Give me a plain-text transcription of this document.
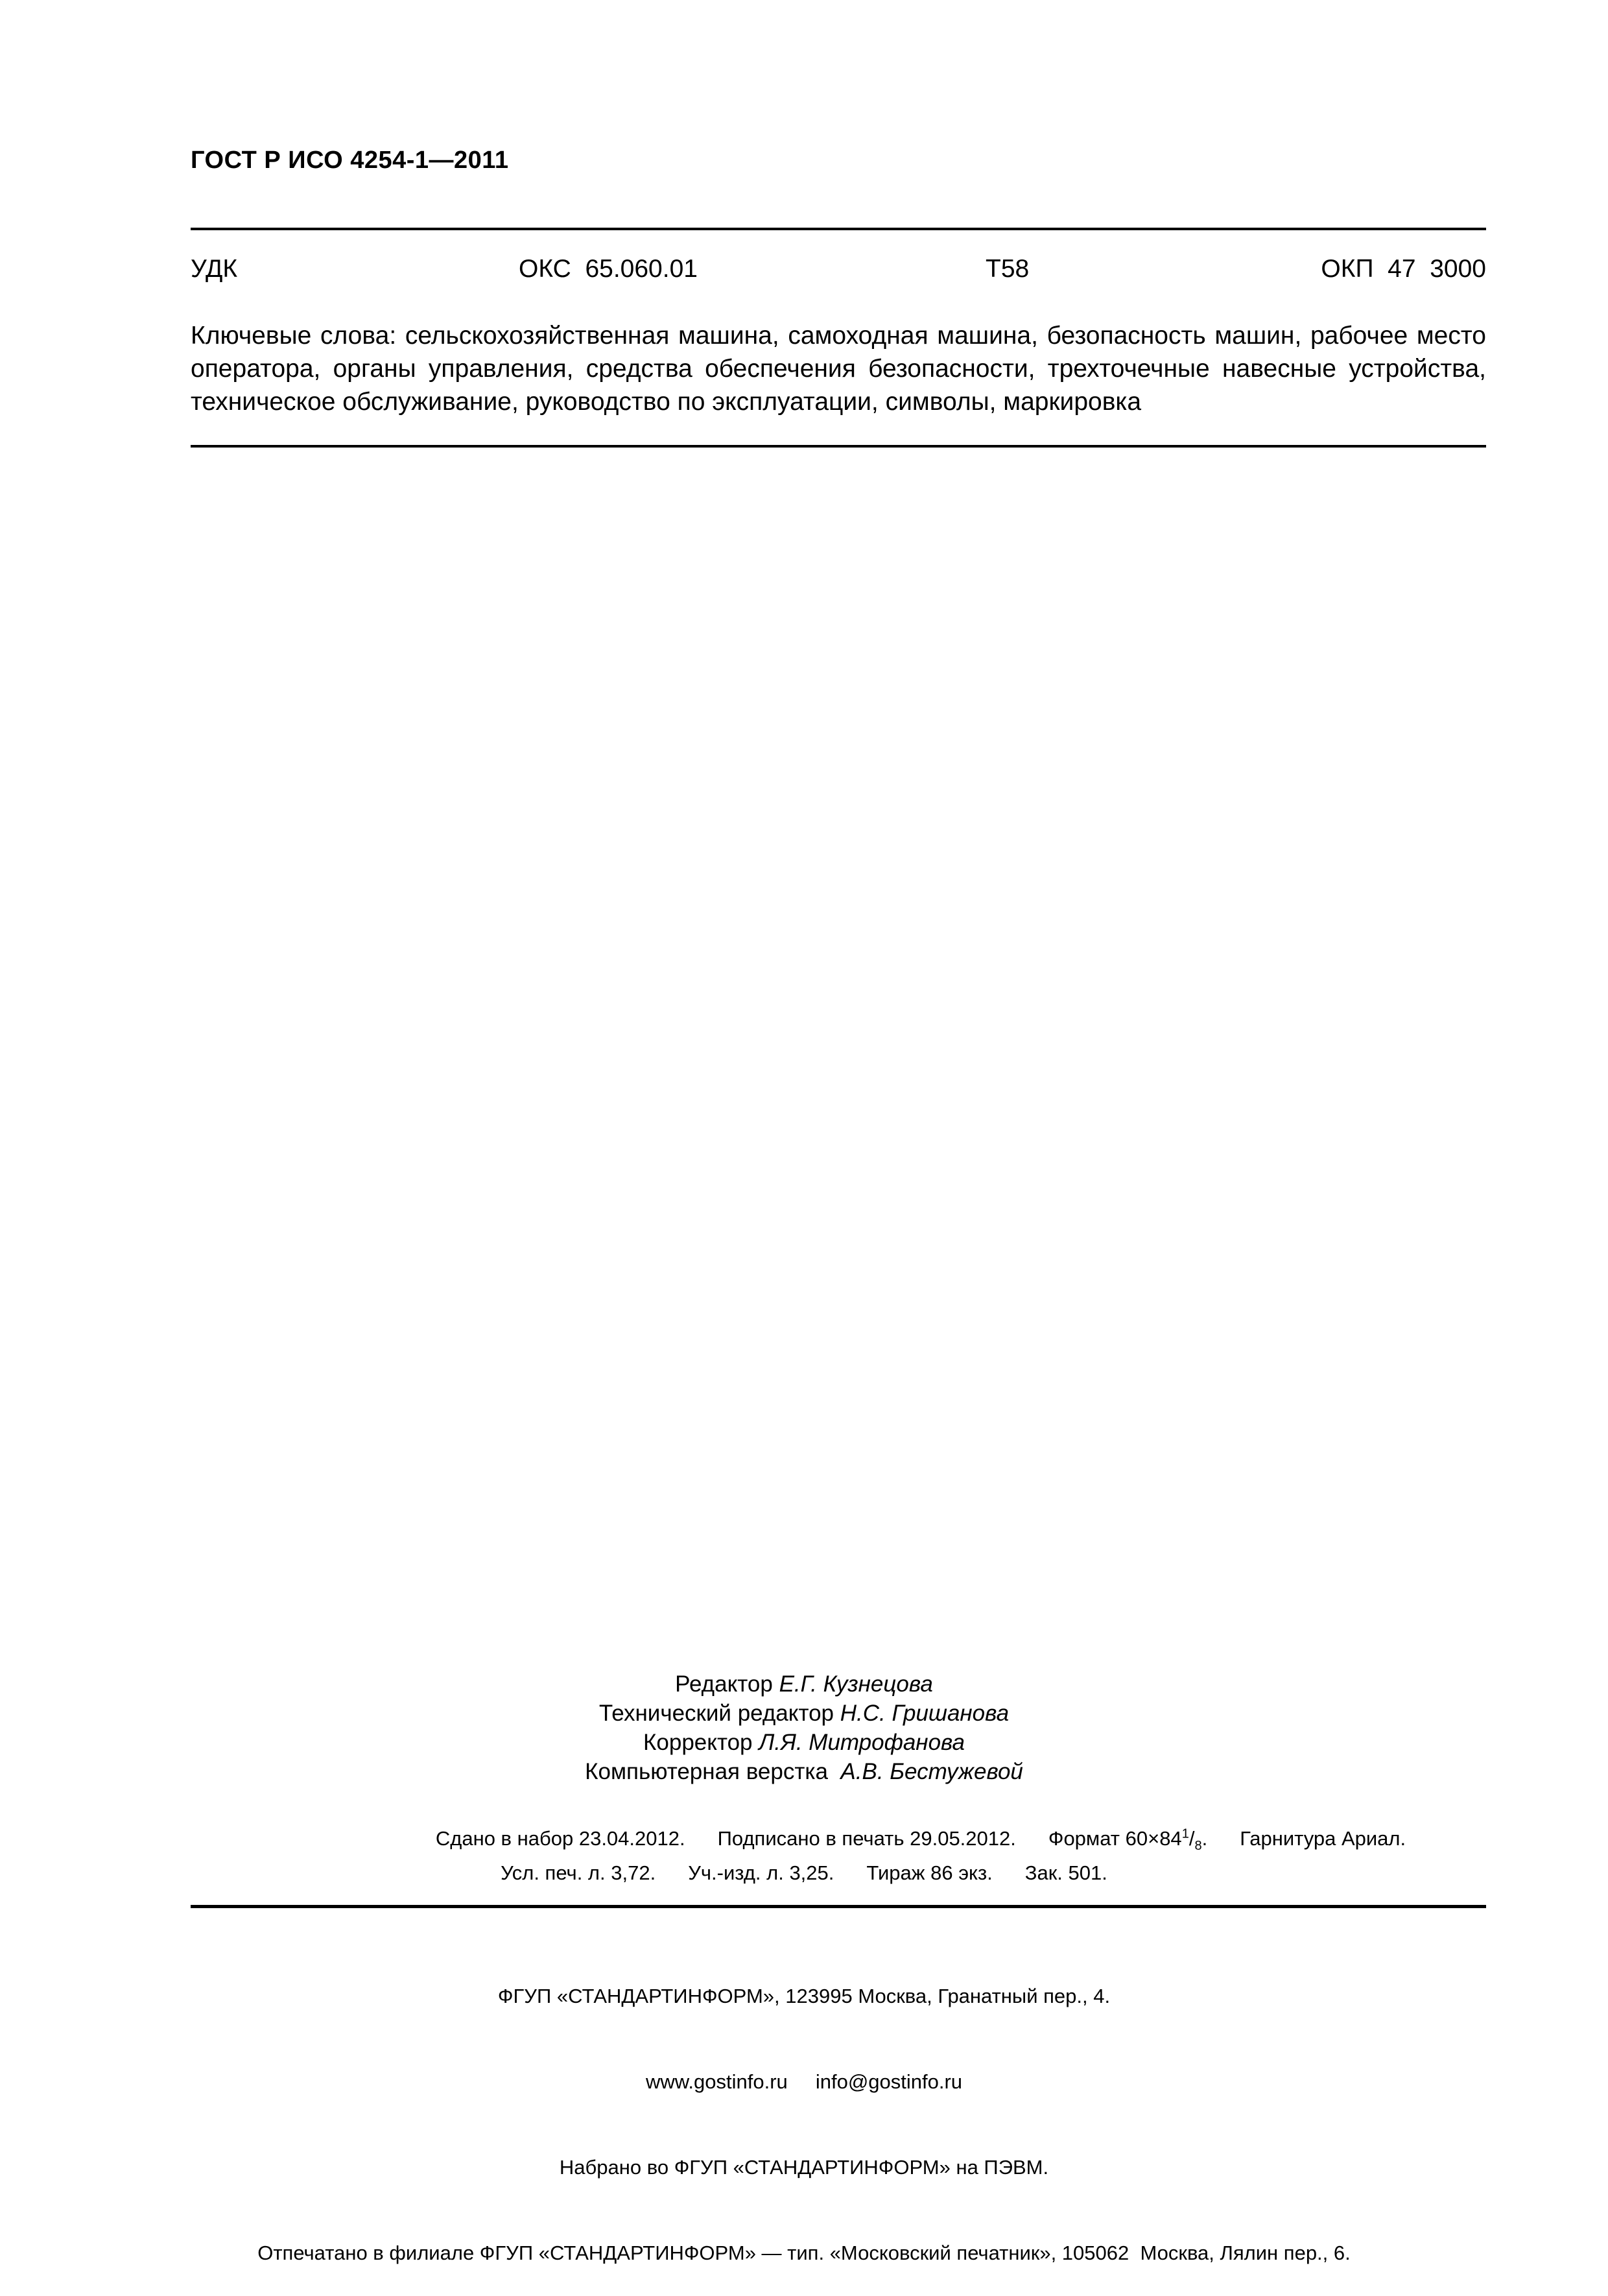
ГОСТ Р ИСО 4254-1—2011
УДК	ОКС  65.060.01	Т58	ОКП  47  3000
Ключевые слова: сельскохозяйственная машина, самоходная машина, безопасность машин, рабочее место оператора, органы управления, средства обеспечения безопасности, трехточечные навесные устройства, техническое обслуживание, руководство по эксплуатации, символы, маркировка
Редактор Е.Г. Кузнецова
Технический редактор Н.С. Гришанова
Корректор Л.Я. Митрофанова
Компьютерная верстка  А.В. Бестужевой
Сдано в набор 23.04.2012. Подписано в печать 29.05.2012. Формат $60\times 84^1/_8$. Гарнитура Ариал.
Усл. печ. л. 3,72. Уч.-изд. л. 3,25. Тираж 86 экз. Зак. 501.

ФГУП «СТАНДАРТИНФОРМ», 123995 Москва, Гранатный пер., 4.

www.gostinfo.ru info@gostinfo.ru

Набрано во ФГУП «СТАНДАРТИНФОРМ» на ПЭВМ.

Отпечатано в филиале ФГУП «СТАНДАРТИНФОРМ» — тип. «Московский печатник», 105062  Москва, Лялин пер., 6.
